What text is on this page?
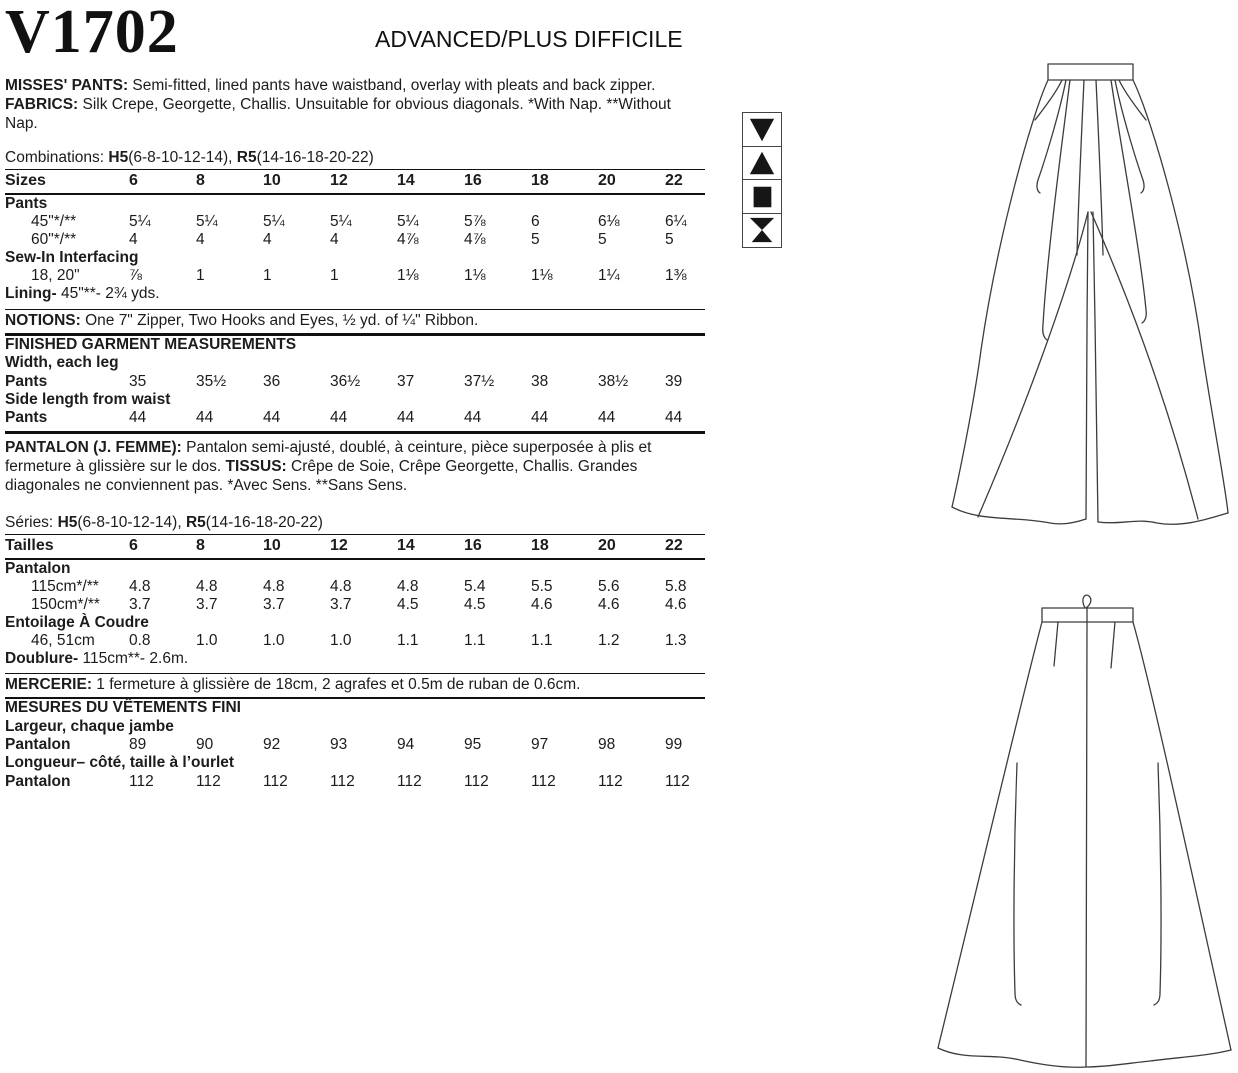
V1702	ADVANCED/PLUS DIFFICILE

MISSES' PANTS: Semi-fitted, lined pants have waistband, overlay with pleats and back zipper. FABRICS: Silk Crepe, Georgette, Challis. Unsuitable for obvious diagonals. *With Nap. **Without Nap.

Combinations: H5(6-8-10-12-14), R5(14-16-18-20-22)

Sizes	6	8	10	12	14	16	18	20	22
Pants
45"*/**	5¼	5¼	5¼	5¼	5¼	5⅞	6	6⅛	6¼
60"*/**	4	4	4	4	4⅞	4⅞	5	5	5
Sew-In Interfacing
18, 20"	⅞	1	1	1	1⅛	1⅛	1⅛	1¼	1⅜
Lining- 45"**- 2¾ yds.
NOTIONS: One 7" Zipper, Two Hooks and Eyes, ½ yd. of ¼" Ribbon.
FINISHED GARMENT MEASUREMENTS
Width, each leg
Pants	35	35½	36	36½	37	37½	38	38½	39
Side length from waist
Pants	44	44	44	44	44	44	44	44	44

PANTALON (J. FEMME): Pantalon semi-ajusté, doublé, à ceinture, pièce superposée à plis et fermeture à glissière sur le dos. TISSUS: Crêpe de Soie, Crêpe Georgette, Challis. Grandes diagonales ne conviennent pas. *Avec Sens. **Sans Sens.

Séries: H5(6-8-10-12-14), R5(14-16-18-20-22)

Tailles	6	8	10	12	14	16	18	20	22
Pantalon
115cm*/**	4.8	4.8	4.8	4.8	4.8	5.4	5.5	5.6	5.8
150cm*/**	3.7	3.7	3.7	3.7	4.5	4.5	4.6	4.6	4.6
Entoilage À Coudre
46, 51cm	0.8	1.0	1.0	1.0	1.1	1.1	1.1	1.2	1.3
Doublure- 115cm**- 2.6m.
MERCERIE: 1 fermeture à glissière de 18cm, 2 agrafes et 0.5m de ruban de 0.6cm.
MESURES DU VÊTEMENTS FINI
Largeur, chaque jambe
Pantalon	89	90	92	93	94	95	97	98	99
Longueur– côté, taille à l’ourlet
Pantalon	112	112	112	112	112	112	112	112	112
